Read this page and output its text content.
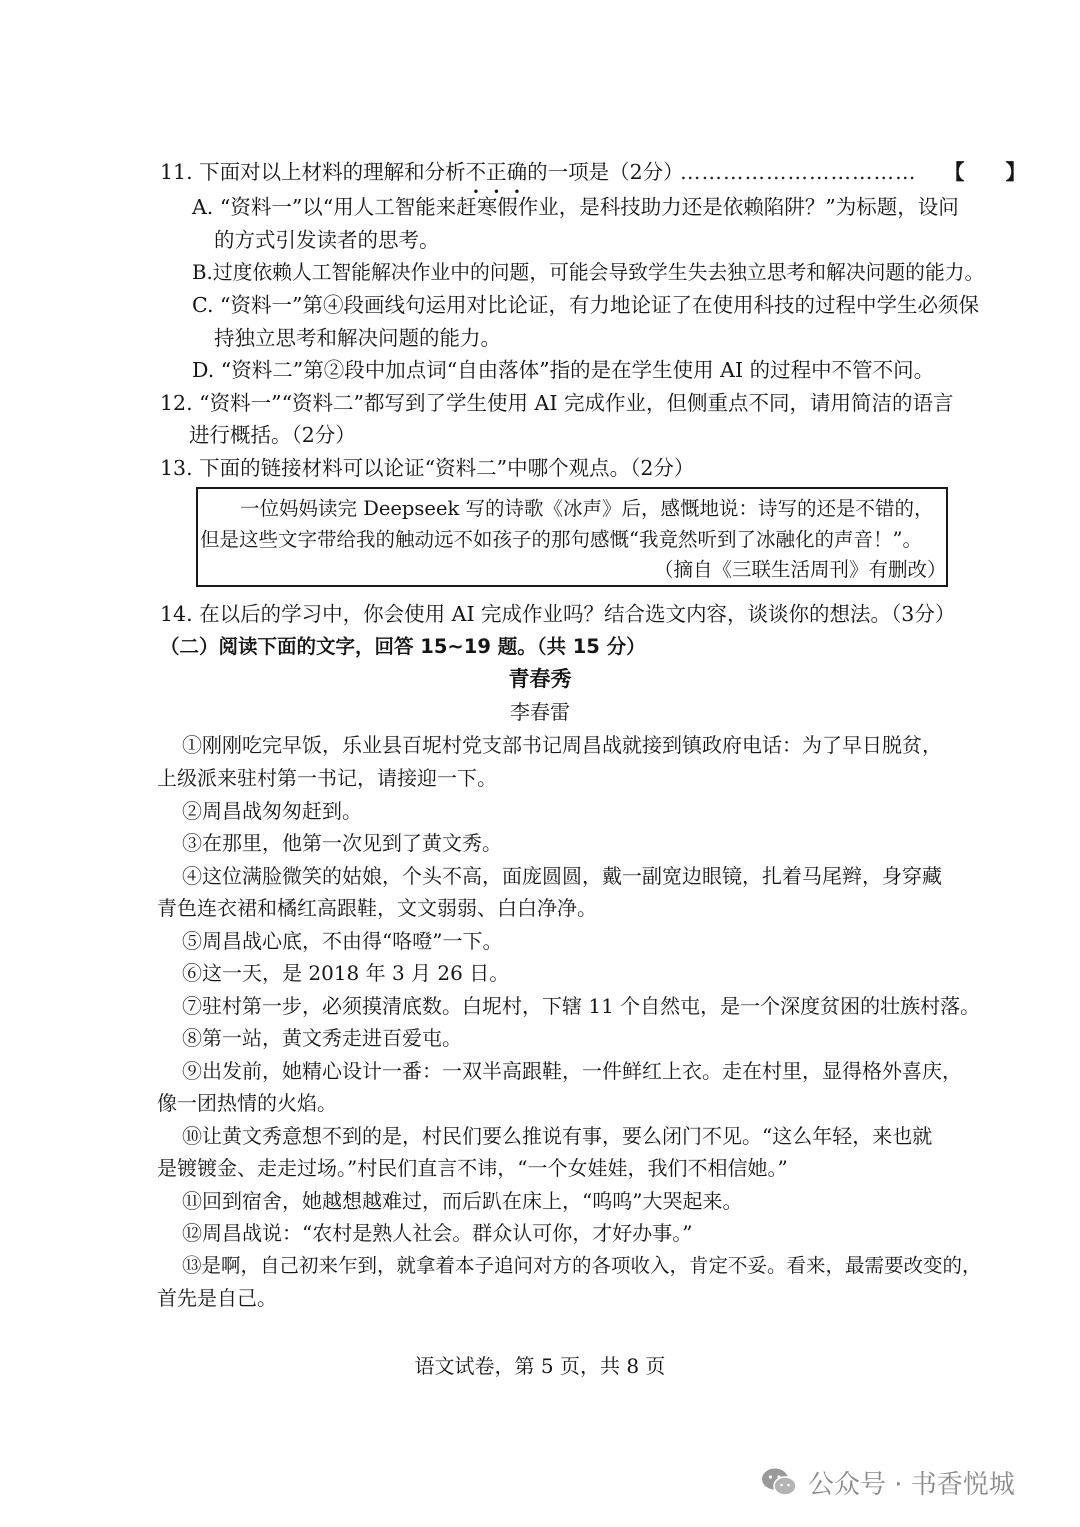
11. 下面对以上材料的理解和分析不正确的一项是（2分）
…………………………… 【　　】
A. “资料一”以“用人工智能来赶寒假作业，是科技助力还是依赖陷阱？”为标题，设问
的方式引发读者的思考。
B.过度依赖人工智能解决作业中的问题，可能会导致学生失去独立思考和解决问题的能力。
C. “资料一”第④段画线句运用对比论证，有力地论证了在使用科技的过程中学生必须保
持独立思考和解决问题的能力。
D. “资料二”第②段中加点词“自由落体”指的是在学生使用 AI 的过程中不管不问。
12. “资料一”“资料二”都写到了学生使用 AI 完成作业，但侧重点不同，请用简洁的语言
进行概括。（2分）
13. 下面的链接材料可以论证“资料二”中哪个观点。（2分）
一位妈妈读完 Deepseek 写的诗歌《冰声》后，感慨地说：诗写的还是不错的，
但是这些文字带给我的触动远不如孩子的那句感慨“我竟然听到了冰融化的声音！”。
（摘自《三联生活周刊》有删改）
14. 在以后的学习中，你会使用 AI 完成作业吗？结合选文内容，谈谈你的想法。（3分）
（二）阅读下面的文字，回答 15~19 题。（共 15 分）
青春秀
李春雷
①刚刚吃完早饭，乐业县百坭村党支部书记周昌战就接到镇政府电话：为了早日脱贫，
上级派来驻村第一书记，请接迎一下。
②周昌战匆匆赶到。
③在那里，他第一次见到了黄文秀。
④这位满脸微笑的姑娘，个头不高，面庞圆圆，戴一副宽边眼镜，扎着马尾辫，身穿藏
青色连衣裙和橘红高跟鞋，文文弱弱、白白净净。
⑤周昌战心底，不由得“咯噔”一下。
⑥这一天，是 2018 年 3 月 26 日。
⑦驻村第一步，必须摸清底数。白坭村，下辖 11 个自然屯，是一个深度贫困的壮族村落。
⑧第一站，黄文秀走进百爱屯。
⑨出发前，她精心设计一番：一双半高跟鞋，一件鲜红上衣。走在村里，显得格外喜庆，
像一团热情的火焰。
⑩让黄文秀意想不到的是，村民们要么推说有事，要么闭门不见。“这么年轻，来也就
是镀镀金、走走过场。”村民们直言不讳，“一个女娃娃，我们不相信她。”
⑪回到宿舍，她越想越难过，而后趴在床上，“呜呜”大哭起来。
⑫周昌战说：“农村是熟人社会。群众认可你，才好办事。”
⑬是啊，自己初来乍到，就拿着本子追问对方的各项收入，肯定不妥。看来，最需要改变的，
首先是自己。
语文试卷，第 5 页，共 8 页
公众号 · 书香悦城
